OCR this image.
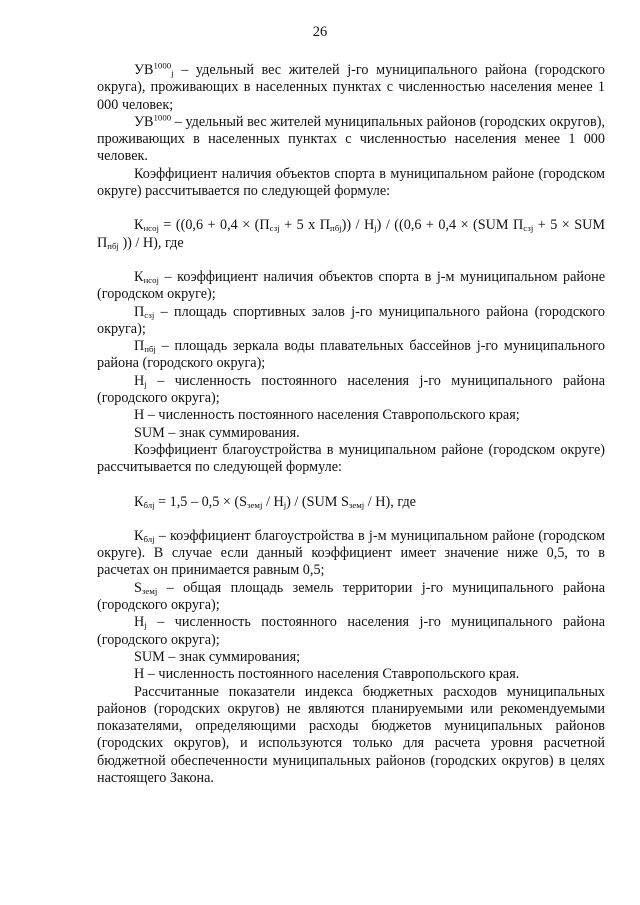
26

$УВ^{1000}_j$ – удельный вес жителей j-го муниципального района (городского округа), проживающих в населенных пунктах с численностью населения менее 1 000 человек;

$УВ^{1000}$ – удельный вес жителей муниципальных районов (городских округов), проживающих в населенных пунктах с численностью населения менее 1 000 человек.

Коэффициент наличия объектов спорта в муниципальном районе (городском округе) рассчитывается по следующей формуле:

$К_{нсоj} = ((0,6 + 0,4 \times (П_{сзj} + 5$ х $П_{пбj})) / Н_j) / ((0,6 + 0,4 \times (SUM$ $П_{сзj} + 5$ × SUM $П_{пбj}$ )) / Н), где

$К_{нсоj}$ – коэффициент наличия объектов спорта в j-м муниципальном районе (городском округе);

$П_{сзj}$ – площадь спортивных залов j-го муниципального района (городского округа);

$П_{пбj}$ – площадь зеркала воды плавательных бассейнов j-го муниципального района (городского округа);

$Н_j$ – численность постоянного населения j-го муниципального района (городского округа);

Н – численность постоянного населения Ставропольского края;

SUM – знак суммирования.

Коэффициент благоустройства в муниципальном районе (городском округе) рассчитывается по следующей формуле:

$К_{блj} = 1,5 - 0,5 \times (S_{земj} / Н_j) / (SUM$ $S_{земj} / Н$), где

$К_{блj}$ – коэффициент благоустройства в j-м муниципальном районе (городском округе). В случае если данный коэффициент имеет значение ниже 0,5, то в расчетах он принимается равным 0,5;

$S_{земj}$ – общая площадь земель территории j-го муниципального района (городского округа);

$Н_j$ – численность постоянного населения j-го муниципального района (городского округа);

SUM – знак суммирования;

Н – численность постоянного населения Ставропольского края.

Рассчитанные показатели индекса бюджетных расходов муниципальных районов (городских округов) не являются планируемыми или рекомендуемыми показателями, определяющими расходы бюджетов муниципальных районов (городских округов), и используются только для расчета уровня расчетной бюджетной обеспеченности муниципальных районов (городских округов) в целях настоящего Закона.
